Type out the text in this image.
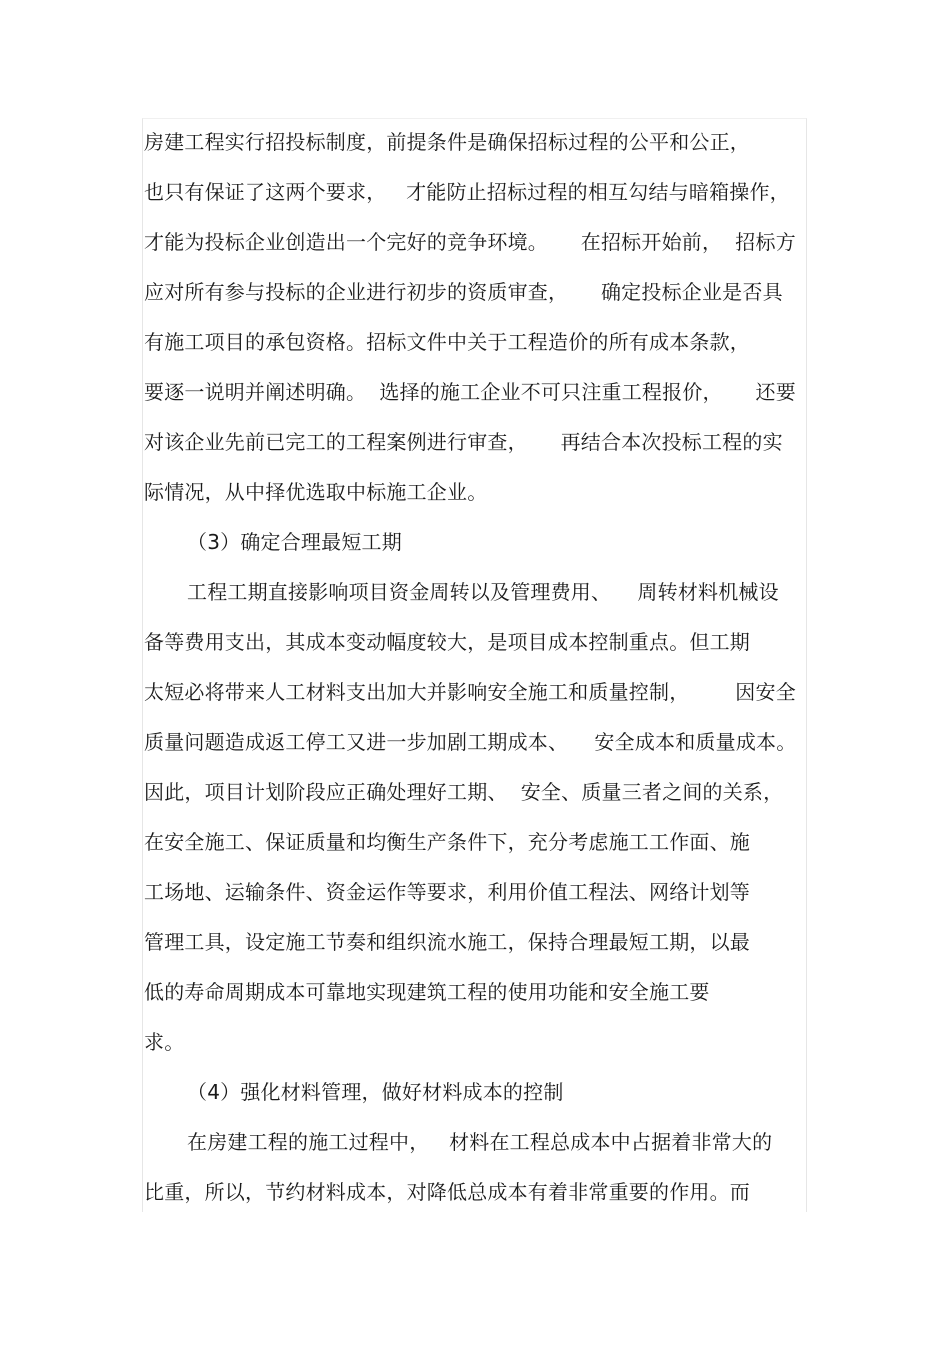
房建工程实行招投标制度，前提条件是确保招标过程的公平和公正，
也只有保证了这两个要求，   才能防止招标过程的相互勾结与暗箱操作，
才能为投标企业创造出一个完好的竞争环境。     在招标开始前，  招标方
应对所有参与投标的企业进行初步的资质审查，     确定投标企业是否具
有施工项目的承包资格。招标文件中关于工程造价的所有成本条款，
要逐一说明并阐述明确。  选择的施工企业不可只注重工程报价，     还要
对该企业先前已完工的工程案例进行审查，     再结合本次投标工程的实
际情况，从中择优选取中标施工企业。
（3）确定合理最短工期
工程工期直接影响项目资金周转以及管理费用、    周转材料机械设
备等费用支出，其成本变动幅度较大，是项目成本控制重点。但工期
太短必将带来人工材料支出加大并影响安全施工和质量控制，       因安全
质量问题造成返工停工又进一步加剧工期成本、    安全成本和质量成本。
因此，项目计划阶段应正确处理好工期、  安全、质量三者之间的关系，
在安全施工、保证质量和均衡生产条件下，充分考虑施工工作面、施
工场地、运输条件、资金运作等要求，利用价值工程法、网络计划等
管理工具，设定施工节奏和组织流水施工，保持合理最短工期，以最
低的寿命周期成本可靠地实现建筑工程的使用功能和安全施工要
求。
（4）强化材料管理，做好材料成本的控制
在房建工程的施工过程中，   材料在工程总成本中占据着非常大的
比重，所以，节约材料成本，对降低总成本有着非常重要的作用。而
